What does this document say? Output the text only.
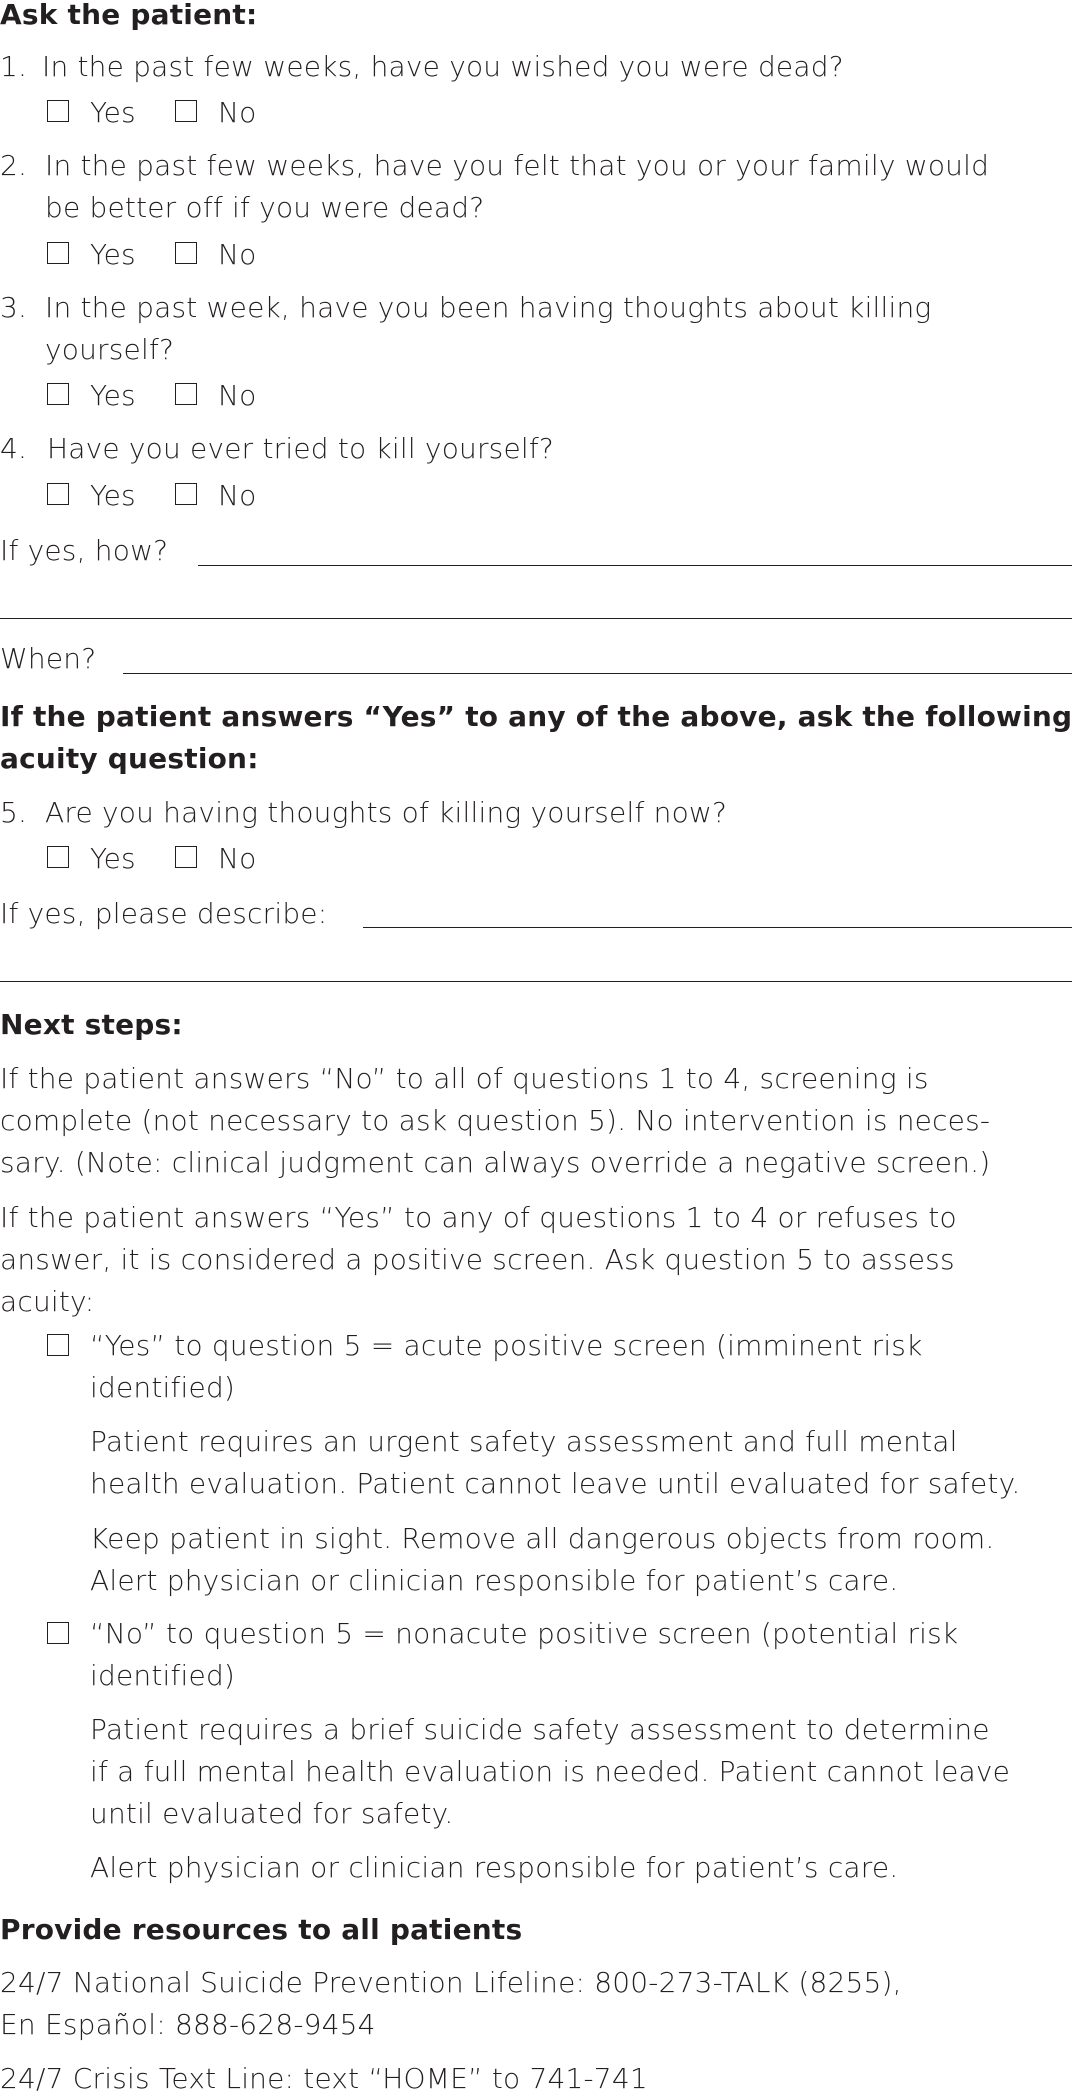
Ask the patient:
1. In the past few weeks, have you wished you were dead?
Yes	No
2. In the past few weeks, have you felt that you or your family would
be better off if you were dead?
Yes	No
3. In the past week, have you been having thoughts about killing
yourself?
Yes	No
4. Have you ever tried to kill yourself?
Yes	No
If yes, how?
When?
If the patient answers “Yes” to any of the above, ask the following
acuity question:
5. Are you having thoughts of killing yourself now?
Yes	No
If yes, please describe:
Next steps:
If the patient answers “No” to all of questions 1 to 4, screening is
complete (not necessary to ask question 5). No intervention is neces-
sary. (Note: clinical judgment can always override a negative screen.)
If the patient answers “Yes” to any of questions 1 to 4 or refuses to
answer, it is considered a positive screen. Ask question 5 to assess
acuity:
“Yes” to question 5 = acute positive screen (imminent risk
identified)
Patient requires an urgent safety assessment and full mental
health evaluation. Patient cannot leave until evaluated for safety.
Keep patient in sight. Remove all dangerous objects from room.
Alert physician or clinician responsible for patient’s care.
“No” to question 5 = nonacute positive screen (potential risk
identified)
Patient requires a brief suicide safety assessment to determine
if a full mental health evaluation is needed. Patient cannot leave
until evaluated for safety.
Alert physician or clinician responsible for patient’s care.
Provide resources to all patients
24/7 National Suicide Prevention Lifeline: 800-273-TALK (8255),
En Español: 888-628-9454
24/7 Crisis Text Line: text “HOME” to 741-741
